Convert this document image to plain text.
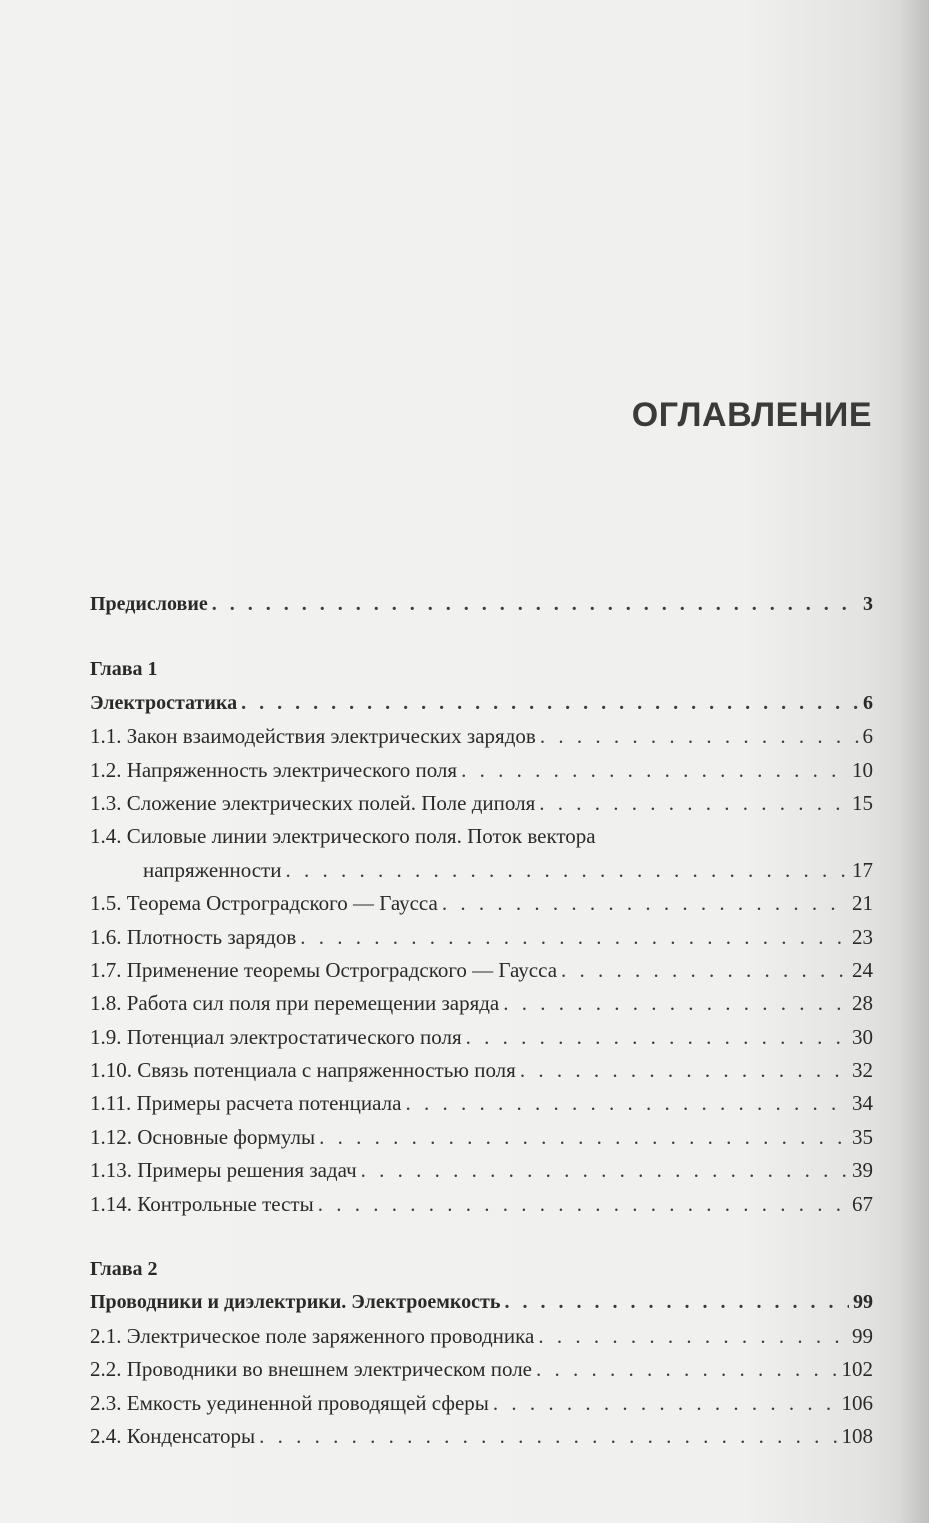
ОГЛАВЛЕНИЕ
Предисловие . . .	3
Глава 1
Электростатика . . .	6
1.1. Закон взаимодействия электрических зарядов . . .	6
1.2. Напряженность электрического поля . . .	10
1.3. Сложение электрических полей. Поле диполя . . .	15
1.4. Силовые линии электрического поля. Поток вектора
напряженности . . .	17
1.5. Теорема Остроградского — Гаусса . . .	21
1.6. Плотность зарядов . . .	23
1.7. Применение теоремы Остроградского — Гаусса . . .	24
1.8. Работа сил поля при перемещении заряда . . .	28
1.9. Потенциал электростатического поля . . .	30
1.10. Связь потенциала с напряженностью поля . . .	32
1.11. Примеры расчета потенциала . . .	34
1.12. Основные формулы . . .	35
1.13. Примеры решения задач . . .	39
1.14. Контрольные тесты . . .	67
Глава 2
Проводники и диэлектрики. Электроемкость . . .	99
2.1. Электрическое поле заряженного проводника . . .	99
2.2. Проводники во внешнем электрическом поле . . .	102
2.3. Емкость уединенной проводящей сферы . . .	106
2.4. Конденсаторы . . .	108
